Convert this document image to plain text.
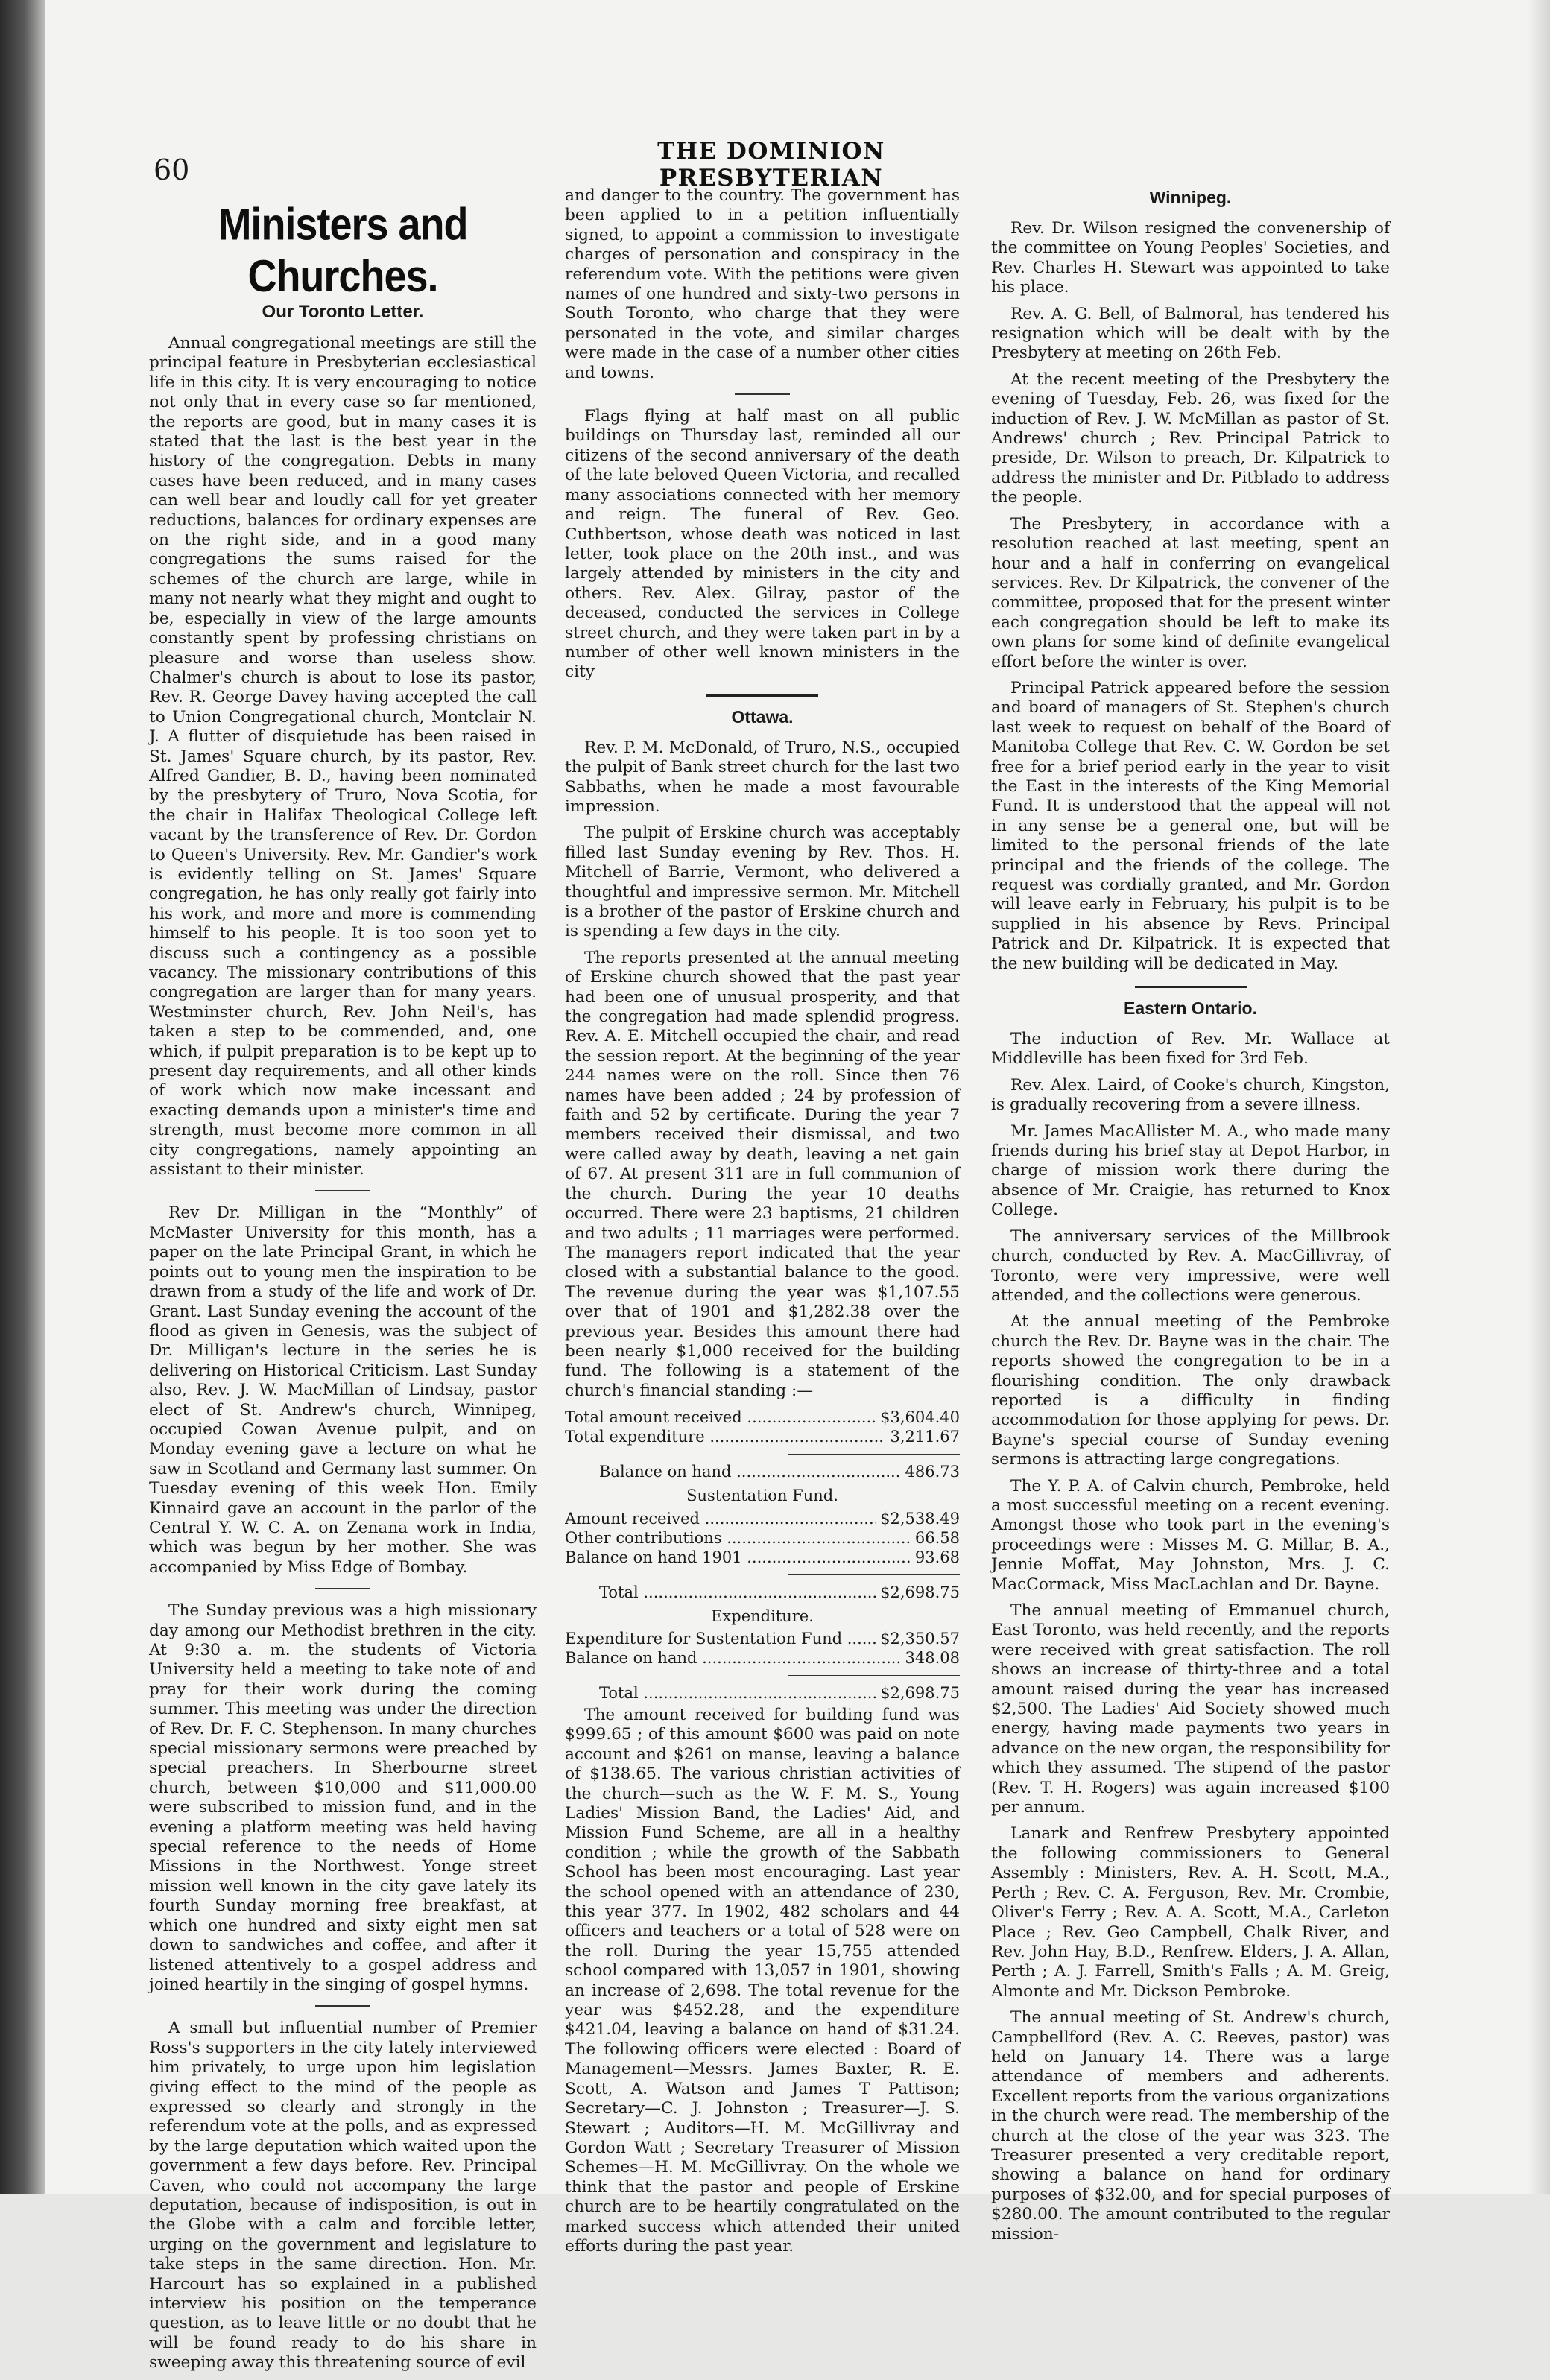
60
THE DOMINION PRESBYTERIAN
Ministers and Churches.
Our Toronto Letter.

Annual congregational meetings are still the principal feature in Presbyterian ecclesiastical life in this city. It is very encouraging to notice not only that in every case so far mentioned, the reports are good, but in many cases it is stated that the last is the best year in the history of the congregation. Debts in many cases have been reduced, and in many cases can well bear and loudly call for yet greater reductions, balances for ordinary expenses are on the right side, and in a good many congregations the sums raised for the schemes of the church are large, while in many not nearly what they might and ought to be, especially in view of the large amounts constantly spent by professing christians on pleasure and worse than useless show. Chalmer's church is about to lose its pastor, Rev. R. George Davey having accepted the call to Union Congregational church, Montclair N. J. A flutter of disquietude has been raised in St. James' Square church, by its pastor, Rev. Alfred Gandier, B. D., having been nominated by the presbytery of Truro, Nova Scotia, for the chair in Halifax Theological College left vacant by the transference of Rev. Dr. Gordon to Queen's University. Rev. Mr. Gandier's work is evidently telling on St. James' Square congregation, he has only really got fairly into his work, and more and more is commending himself to his people. It is too soon yet to discuss such a contingency as a possible vacancy. The missionary contributions of this congregation are larger than for many years. Westminster church, Rev. John Neil's, has taken a step to be commended, and, one which, if pulpit preparation is to be kept up to present day requirements, and all other kinds of work which now make incessant and exacting demands upon a minister's time and strength, must become more common in all city congregations, namely appointing an assistant to their minister.

Rev Dr. Milligan in the “Monthly” of McMaster University for this month, has a paper on the late Principal Grant, in which he points out to young men the inspiration to be drawn from a study of the life and work of Dr. Grant. Last Sunday evening the account of the flood as given in Genesis, was the subject of Dr. Milligan's lecture in the series he is delivering on Historical Criticism. Last Sunday also, Rev. J. W. MacMillan of Lindsay, pastor elect of St. Andrew's church, Winnipeg, occupied Cowan Avenue pulpit, and on Monday evening gave a lecture on what he saw in Scotland and Germany last summer. On Tuesday evening of this week Hon. Emily Kinnaird gave an account in the parlor of the Central Y. W. C. A. on Zenana work in India, which was begun by her mother. She was accompanied by Miss Edge of Bombay.

The Sunday previous was a high missionary day among our Methodist brethren in the city. At 9:30 a. m. the students of Victoria University held a meeting to take note of and pray for their work during the coming summer. This meeting was under the direction of Rev. Dr. F. C. Stephenson. In many churches special missionary sermons were preached by special preachers. In Sherbourne street church, between $10,000 and $11,000.00 were subscribed to mission fund, and in the evening a platform meeting was held having special reference to the needs of Home Missions in the Northwest. Yonge street mission well known in the city gave lately its fourth Sunday morning free breakfast, at which one hundred and sixty eight men sat down to sandwiches and coffee, and after it listened attentively to a gospel address and joined heartily in the singing of gospel hymns.

A small but influential number of Premier Ross's supporters in the city lately interviewed him privately, to urge upon him legislation giving effect to the mind of the people as expressed so clearly and strongly in the referendum vote at the polls, and as expressed by the large deputation which waited upon the government a few days before. Rev. Principal Caven, who could not accompany the large deputation, because of indisposition, is out in the Globe with a calm and forcible letter, urging on the government and legislature to take steps in the same direction. Hon. Mr. Harcourt has so explained in a published interview his position on the temperance question, as to leave little or no doubt that he will be found ready to do his share in sweeping away this threatening source of evil

and danger to the country. The government has been applied to in a petition influentially signed, to appoint a commission to investigate charges of personation and conspiracy in the referendum vote. With the petitions were given names of one hundred and sixty-two persons in South Toronto, who charge that they were personated in the vote, and similar charges were made in the case of a number other cities and towns.

Flags flying at half mast on all public buildings on Thursday last, reminded all our citizens of the second anniversary of the death of the late beloved Queen Victoria, and recalled many associations connected with her memory and reign. The funeral of Rev. Geo. Cuthbertson, whose death was noticed in last letter, took place on the 20th inst., and was largely attended by ministers in the city and others. Rev. Alex. Gilray, pastor of the deceased, conducted the services in College street church, and they were taken part in by a number of other well known ministers in the city

Ottawa.

Rev. P. M. McDonald, of Truro, N.S., occupied the pulpit of Bank street church for the last two Sabbaths, when he made a most favourable impression.

The pulpit of Erskine church was acceptably filled last Sunday evening by Rev. Thos. H. Mitchell of Barrie, Vermont, who delivered a thoughtful and impressive sermon. Mr. Mitchell is a brother of the pastor of Erskine church and is spending a few days in the city.

The reports presented at the annual meeting of Erskine church showed that the past year had been one of unusual prosperity, and that the congregation had made splendid progress. Rev. A. E. Mitchell occupied the chair, and read the session report. At the beginning of the year 244 names were on the roll. Since then 76 names have been added ; 24 by profession of faith and 52 by certificate. During the year 7 members received their dismissal, and two were called away by death, leaving a net gain of 67. At present 311 are in full communion of the church. During the year 10 deaths occurred. There were 23 baptisms, 21 children and two adults ; 11 marriages were performed. The managers report indicated that the year closed with a substantial balance to the good. The revenue during the year was $1,107.55 over that of 1901 and $1,282.38 over the previous year. Besides this amount there had been nearly $1,000 received for the building fund. The following is a statement of the church's financial standing :—

Total amount received .....	$3,604.40
Total expenditure .....	3,211.67
Balance on hand .....	486.73
Sustentation Fund.
Amount received .....	$2,538.49
Other contributions .....	66.58
Balance on hand 1901 .....	93.68
Total .....	$2,698.75
Expenditure.
Expenditure for Sustentation Fund .....	$2,350.57
Balance on hand .....	348.08
Total .....	$2,698.75

The amount received for building fund was $999.65 ; of this amount $600 was paid on note account and $261 on manse, leaving a balance of $138.65. The various christian activities of the church—such as the W. F. M. S., Young Ladies' Mission Band, the Ladies' Aid, and Mission Fund Scheme, are all in a healthy condition ; while the growth of the Sabbath School has been most encouraging. Last year the school opened with an attendance of 230, this year 377. In 1902, 482 scholars and 44 officers and teachers or a total of 528 were on the roll. During the year 15,755 attended school compared with 13,057 in 1901, showing an increase of 2,698. The total revenue for the year was $452.28, and the expenditure $421.04, leaving a balance on hand of $31.24. The following officers were elected : Board of Management—Messrs. James Baxter, R. E. Scott, A. Watson and James T Pattison; Secretary—C. J. Johnston ; Treasurer—J. S. Stewart ; Auditors—H. M. McGillivray and Gordon Watt ; Secretary Treasurer of Mission Schemes—H. M. McGillivray. On the whole we think that the pastor and people of Erskine church are to be heartily congratulated on the marked success which attended their united efforts during the past year.

Winnipeg.

Rev. Dr. Wilson resigned the convenership of the committee on Young Peoples' Societies, and Rev. Charles H. Stewart was appointed to take his place.

Rev. A. G. Bell, of Balmoral, has tendered his resignation which will be dealt with by the Presbytery at meeting on 26th Feb.

At the recent meeting of the Presbytery the evening of Tuesday, Feb. 26, was fixed for the induction of Rev. J. W. McMillan as pastor of St. Andrews' church ; Rev. Principal Patrick to preside, Dr. Wilson to preach, Dr. Kilpatrick to address the minister and Dr. Pitblado to address the people.

The Presbytery, in accordance with a resolution reached at last meeting, spent an hour and a half in conferring on evangelical services. Rev. Dr Kilpatrick, the convener of the committee, proposed that for the present winter each congregation should be left to make its own plans for some kind of definite evangelical effort before the winter is over.

Principal Patrick appeared before the session and board of managers of St. Stephen's church last week to request on behalf of the Board of Manitoba College that Rev. C. W. Gordon be set free for a brief period early in the year to visit the East in the interests of the King Memorial Fund. It is understood that the appeal will not in any sense be a general one, but will be limited to the personal friends of the late principal and the friends of the college. The request was cordially granted, and Mr. Gordon will leave early in February, his pulpit is to be supplied in his absence by Revs. Principal Patrick and Dr. Kilpatrick. It is expected that the new building will be dedicated in May.

Eastern Ontario.

The induction of Rev. Mr. Wallace at Middleville has been fixed for 3rd Feb.

Rev. Alex. Laird, of Cooke's church, Kingston, is gradually recovering from a severe illness.

Mr. James MacAllister M. A., who made many friends during his brief stay at Depot Harbor, in charge of mission work there during the absence of Mr. Craigie, has returned to Knox College.

The anniversary services of the Millbrook church, conducted by Rev. A. MacGillivray, of Toronto, were very impressive, were well attended, and the collections were generous.

At the annual meeting of the Pembroke church the Rev. Dr. Bayne was in the chair. The reports showed the congregation to be in a flourishing condition. The only drawback reported is a difficulty in finding accommodation for those applying for pews. Dr. Bayne's special course of Sunday evening sermons is attracting large congregations.

The Y. P. A. of Calvin church, Pembroke, held a most successful meeting on a recent evening. Amongst those who took part in the evening's proceedings were : Misses M. G. Millar, B. A., Jennie Moffat, May Johnston, Mrs. J. C. MacCormack, Miss MacLachlan and Dr. Bayne.

The annual meeting of Emmanuel church, East Toronto, was held recently, and the reports were received with great satisfaction. The roll shows an increase of thirty-three and a total amount raised during the year has increased $2,500. The Ladies' Aid Society showed much energy, having made payments two years in advance on the new organ, the responsibility for which they assumed. The stipend of the pastor (Rev. T. H. Rogers) was again increased $100 per annum.

Lanark and Renfrew Presbytery appointed the following commissioners to General Assembly : Ministers, Rev. A. H. Scott, M.A., Perth ; Rev. C. A. Ferguson, Rev. Mr. Crombie, Oliver's Ferry ; Rev. A. A. Scott, M.A., Carleton Place ; Rev. Geo Campbell, Chalk River, and Rev. John Hay, B.D., Renfrew. Elders, J. A. Allan, Perth ; A. J. Farrell, Smith's Falls ; A. M. Greig, Almonte and Mr. Dickson Pembroke.

The annual meeting of St. Andrew's church, Campbellford (Rev. A. C. Reeves, pastor) was held on January 14. There was a large attendance of members and adherents. Excellent reports from the various organizations in the church were read. The membership of the church at the close of the year was 323. The Treasurer presented a very creditable report, showing a balance on hand for ordinary purposes of $32.00, and for special purposes of $280.00. The amount contributed to the regular mission-
